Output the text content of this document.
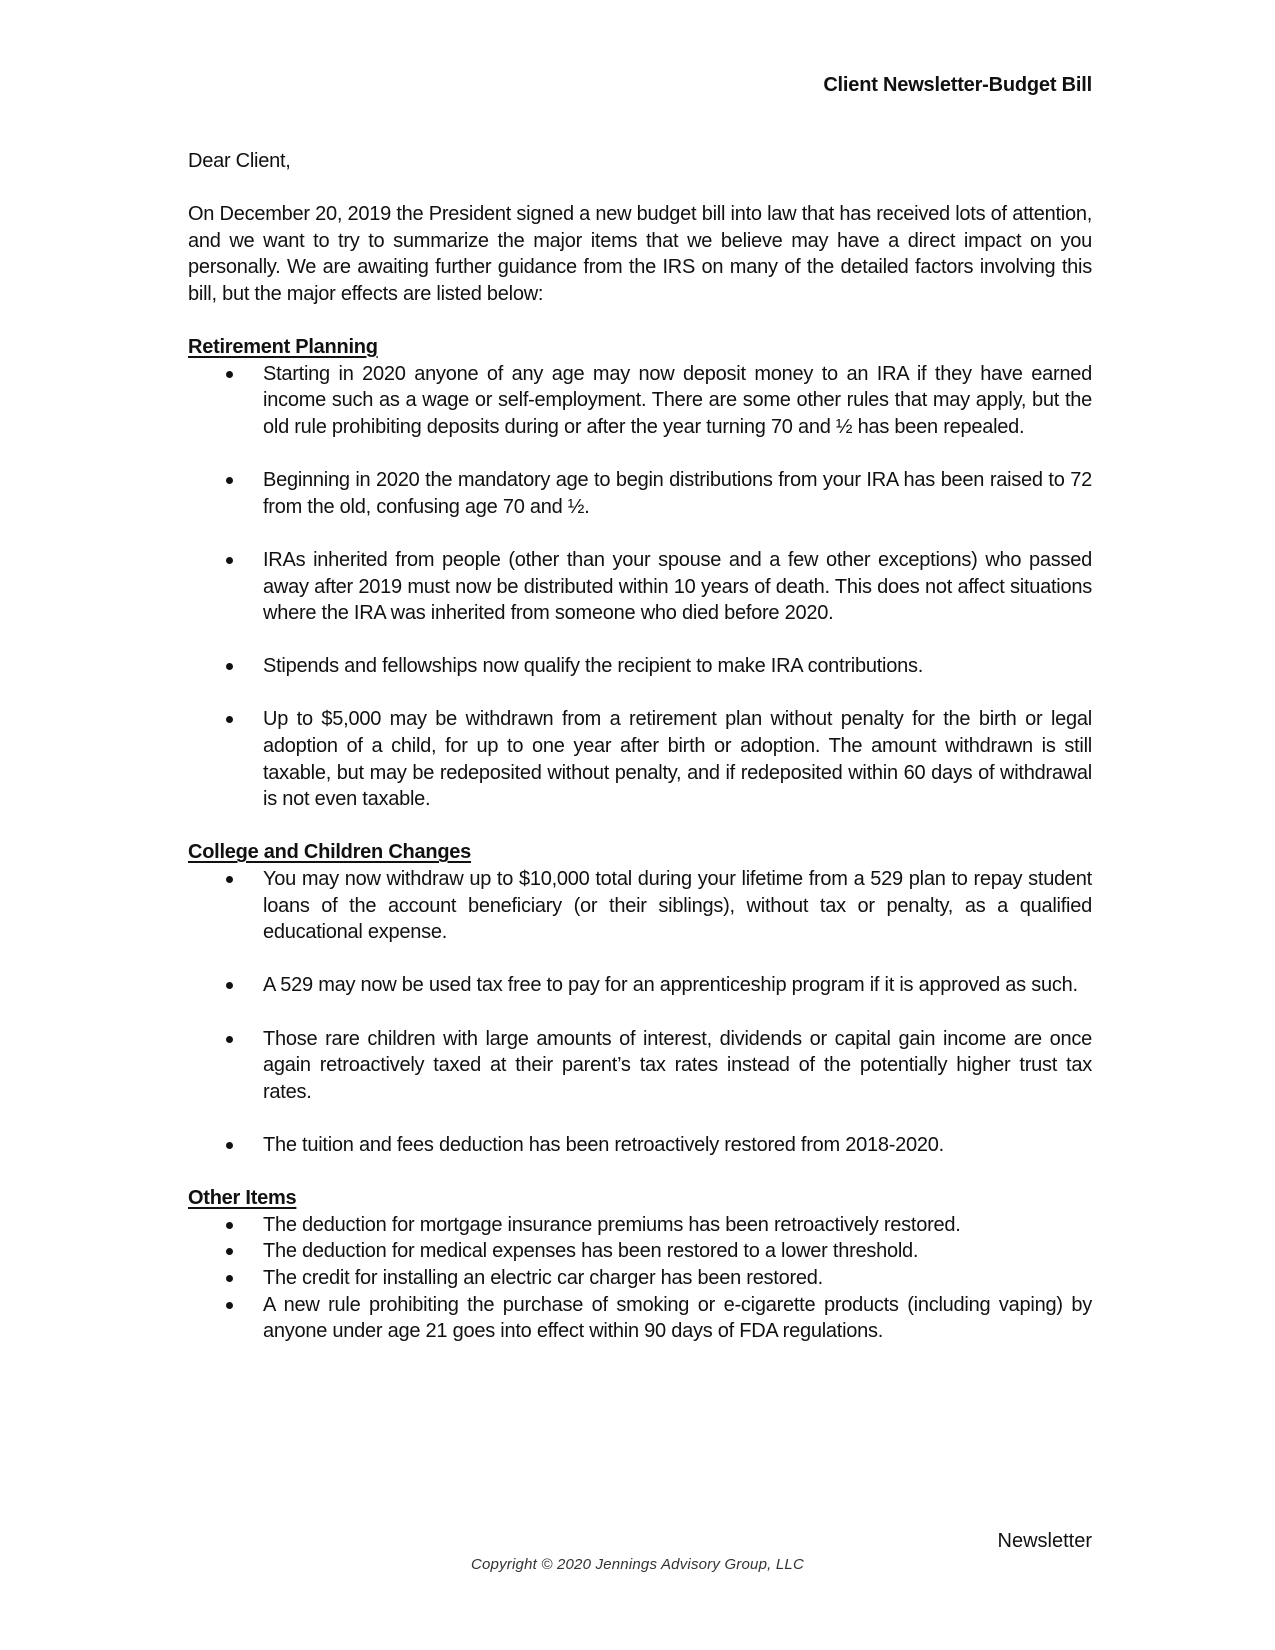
Client Newsletter-Budget Bill

Dear Client,

On December 20, 2019 the President signed a new budget bill into law that has received lots of attention, and we want to try to summarize the major items that we believe may have a direct impact on you personally. We are awaiting further guidance from the IRS on many of the detailed factors involving this bill, but the major effects are listed below:

Retirement Planning
Starting in 2020 anyone of any age may now deposit money to an IRA if they have earned income such as a wage or self-employment. There are some other rules that may apply, but the old rule prohibiting deposits during or after the year turning 70 and ½ has been repealed.
Beginning in 2020 the mandatory age to begin distributions from your IRA has been raised to 72 from the old, confusing age 70 and ½.
IRAs inherited from people (other than your spouse and a few other exceptions) who passed away after 2019 must now be distributed within 10 years of death. This does not affect situations where the IRA was inherited from someone who died before 2020.
Stipends and fellowships now qualify the recipient to make IRA contributions.
Up to $5,000 may be withdrawn from a retirement plan without penalty for the birth or legal adoption of a child, for up to one year after birth or adoption. The amount withdrawn is still taxable, but may be redeposited without penalty, and if redeposited within 60 days of withdrawal is not even taxable.
College and Children Changes
You may now withdraw up to $10,000 total during your lifetime from a 529 plan to repay student loans of the account beneficiary (or their siblings), without tax or penalty, as a qualified educational expense.
A 529 may now be used tax free to pay for an apprenticeship program if it is approved as such.
Those rare children with large amounts of interest, dividends or capital gain income are once again retroactively taxed at their parent’s tax rates instead of the potentially higher trust tax rates.
The tuition and fees deduction has been retroactively restored from 2018-2020.
Other Items
The deduction for mortgage insurance premiums has been retroactively restored.
The deduction for medical expenses has been restored to a lower threshold.
The credit for installing an electric car charger has been restored.
A new rule prohibiting the purchase of smoking or e-cigarette products (including vaping) by anyone under age 21 goes into effect within 90 days of FDA regulations.
Newsletter
Copyright © 2020 Jennings Advisory Group, LLC
